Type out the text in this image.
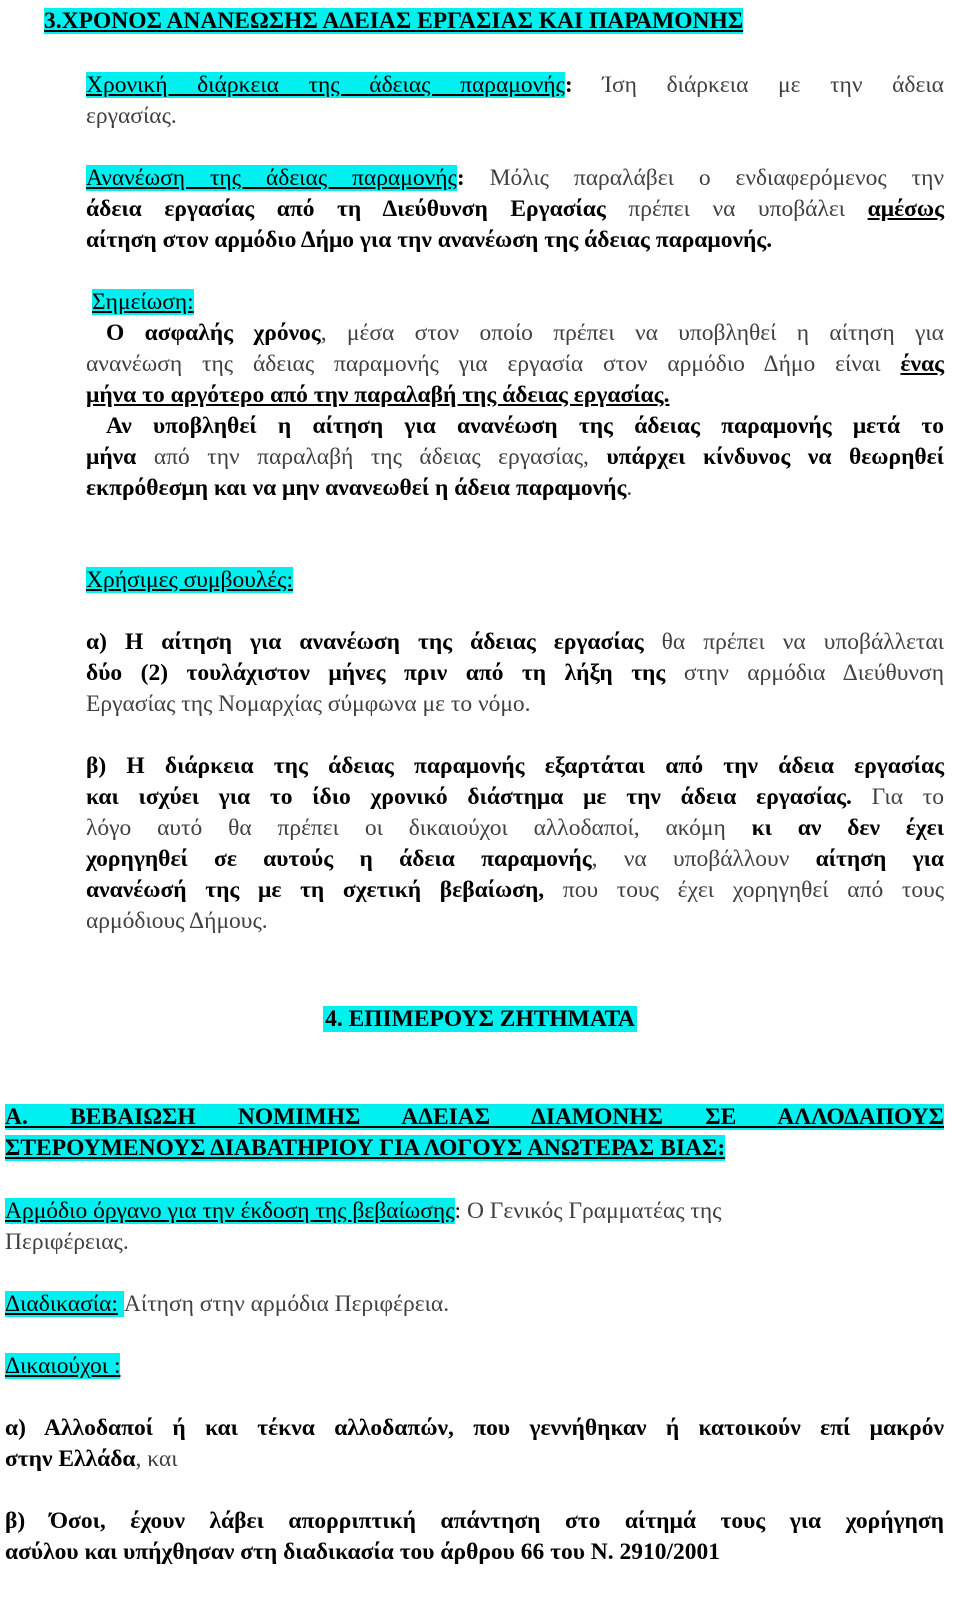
3.ΧΡΟΝΟΣ ΑΝΑΝΕΩΣΗΣ ΑΔΕΙΑΣ ΕΡΓΑΣΙΑΣ ΚΑΙ ΠΑΡΑΜΟΝΗΣ
Χρονική διάρκεια της άδειας παραμονής: Ίση διάρκεια με την άδεια
εργασίας.
Ανανέωση της άδειας παραμονής: Μόλις παραλάβει ο ενδιαφερόμενος την
άδεια εργασίας από τη Διεύθυνση Εργασίας πρέπει να υποβάλει αμέσως
αίτηση στον αρμόδιο Δήμο για την ανανέωση της άδειας παραμονής.
Σημείωση:
Ο ασφαλής χρόνος, μέσα στον οποίο πρέπει να υποβληθεί η αίτηση για
ανανέωση της άδειας παραμονής για εργασία στον αρμόδιο Δήμο είναι ένας
μήνα το αργότερο από την παραλαβή της άδειας εργασίας.
Αν υποβληθεί η αίτηση για ανανέωση της άδειας παραμονής μετά το
μήνα από την παραλαβή της άδειας εργασίας, υπάρχει κίνδυνος να θεωρηθεί
εκπρόθεσμη και να μην ανανεωθεί η άδεια παραμονής.
Χρήσιμες συμβουλές:
α) Η αίτηση για ανανέωση της άδειας εργασίας θα πρέπει να υποβάλλεται
δύο (2) τουλάχιστον μήνες πριν από τη λήξη της στην αρμόδια Διεύθυνση
Εργασίας της Νομαρχίας σύμφωνα με το νόμο.
β) Η διάρκεια της άδειας παραμονής εξαρτάται από την άδεια εργασίας
και ισχύει για το ίδιο χρονικό διάστημα με την άδεια εργασίας. Για το
λόγο αυτό θα πρέπει οι δικαιούχοι αλλοδαποί, ακόμη κι αν δεν έχει
χορηγηθεί σε αυτούς η άδεια παραμονής, να υποβάλλουν αίτηση για
ανανέωσή της με τη σχετική βεβαίωση, που τους έχει χορηγηθεί από τους
αρμόδιους Δήμους.
4. ΕΠΙΜΕΡΟΥΣ ΖΗΤΗΜΑΤΑ
Α. ΒΕΒΑΙΩΣΗ ΝΟΜΙΜΗΣ ΑΔΕΙΑΣ ΔΙΑΜΟΝΗΣ ΣΕ ΑΛΛΟΔΑΠΟΥΣ
ΣΤΕΡΟΥΜΕΝΟΥΣ ΔΙΑΒΑΤΗΡΙΟΥ ΓΙΑ ΛΟΓΟΥΣ ΑΝΩΤΕΡΑΣ ΒΙΑΣ:
Αρμόδιο όργανο για την έκδοση της βεβαίωσης: Ο Γενικός Γραμματέας της
Περιφέρειας.
Διαδικασία: Αίτηση στην αρμόδια Περιφέρεια.
Δικαιούχοι :
α) Αλλοδαποί ή και τέκνα αλλοδαπών, που γεννήθηκαν ή κατοικούν επί μακρόν
στην Ελλάδα, και
β) Όσοι, έχουν λάβει απορριπτική απάντηση στο αίτημά τους για χορήγηση
ασύλου και υπήχθησαν στη διαδικασία του άρθρου 66 του Ν. 2910/2001
